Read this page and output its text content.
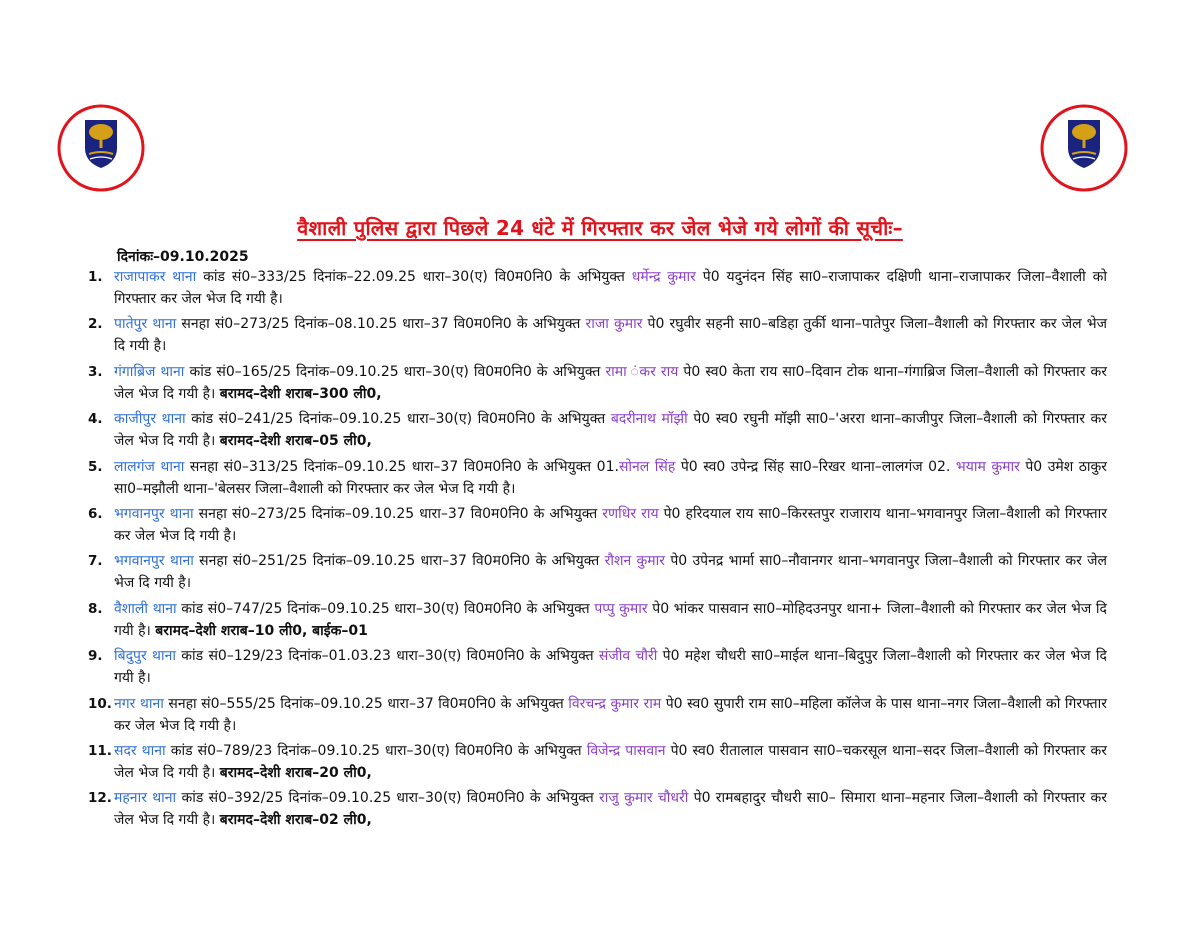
वैशाली पुलिस द्वारा पिछले 24 धंटे में गिरफ्तार कर जेल भेजे गये लोगों की सूचीः–
दिनांकः–09.10.2025
1. राजापाकर थाना कांड सं0–333/25 दिनांक–22.09.25 धारा–30(ए) वि0म0नि0 के अभियुक्त धर्मेन्द्र कुमार पे0 यदुनंदन सिंह सा0–राजापाकर दक्षिणी थाना–राजापाकर जिला–वैशाली को गिरफ्तार कर जेल भेज दि गयी है।
2. पातेपुर थाना सनहा सं0–273/25 दिनांक–08.10.25 धारा–37 वि0म0नि0 के अभियुक्त राजा कुमार पे0 रघुवीर सहनी सा0–बडिहा तुर्की थाना–पातेपुर जिला–वैशाली को गिरफ्तार कर जेल भेज दि गयी है।
3. गंगाब्रिज थाना कांड सं0–165/25 दिनांक–09.10.25 धारा–30(ए) वि0म0नि0 के अभियुक्त रामा ंकर राय पे0 स्व0 केता राय सा0–दिवान टोक थाना–गंगाब्रिज जिला–वैशाली को गिरफ्तार कर जेल भेज दि गयी है। बरामद–देशी शराब–300 ली0,
4. काजीपुर थाना कांड सं0–241/25 दिनांक–09.10.25 धारा–30(ए) वि0म0नि0 के अभियुक्त बदरीनाथ मॉझी पे0 स्व0 रघुनी मॉझी सा0–'अररा थाना–काजीपुर जिला–वैशाली को गिरफ्तार कर जेल भेज दि गयी है। बरामद–देशी शराब–05 ली0,
5. लालगंज थाना सनहा सं0–313/25 दिनांक–09.10.25 धारा–37 वि0म0नि0 के अभियुक्त 01.सोनल सिंह पे0 स्व0 उपेन्द्र सिंह सा0–रिखर थाना–लालगंज 02. भयाम कुमार पे0 उमेश ठाकुर सा0–मझौली थाना–'बेलसर जिला–वैशाली को गिरफ्तार कर जेल भेज दि गयी है।
6. भगवानपुर थाना सनहा सं0–273/25 दिनांक–09.10.25 धारा–37 वि0म0नि0 के अभियुक्त रणधिर राय पे0 हरिदयाल राय सा0–किरस्तपुर राजाराय थाना–भगवानपुर जिला–वैशाली को गिरफ्तार कर जेल भेज दि गयी है।
7. भगवानपुर थाना सनहा सं0–251/25 दिनांक–09.10.25 धारा–37 वि0म0नि0 के अभियुक्त रौशन कुमार पे0 उपेनद्र भार्मा सा0–नौवानगर थाना–भगवानपुर जिला–वैशाली को गिरफ्तार कर जेल भेज दि गयी है।
8. वैशाली थाना कांड सं0–747/25 दिनांक–09.10.25 धारा–30(ए) वि0म0नि0 के अभियुक्त पप्पु कुमार पे0 भांकर पासवान सा0–मोहिदउनपुर थाना+ जिला–वैशाली को गिरफ्तार कर जेल भेज दि गयी है। बरामद–देशी शराब–10 ली0, बाईक–01
9. बिदुपुर थाना कांड सं0–129/23 दिनांक–01.03.23 धारा–30(ए) वि0म0नि0 के अभियुक्त संजीव चौरी पे0 महेश चौधरी सा0–माईल थाना–बिदुपुर जिला–वैशाली को गिरफ्तार कर जेल भेज दि गयी है।
10. नगर थाना सनहा सं0–555/25 दिनांक–09.10.25 धारा–37 वि0म0नि0 के अभियुक्त विरचन्द्र कुमार राम पे0 स्व0 सुपारी राम सा0–महिला कॉलेज के पास थाना–नगर जिला–वैशाली को गिरफ्तार कर जेल भेज दि गयी है।
11. सदर थाना कांड सं0–789/23 दिनांक–09.10.25 धारा–30(ए) वि0म0नि0 के अभियुक्त विजेन्द्र पासवान पे0 स्व0 रीतालाल पासवान सा0–चकरसूल थाना–सदर जिला–वैशाली को गिरफ्तार कर जेल भेज दि गयी है। बरामद–देशी शराब–20 ली0,
12. महनार थाना कांड सं0–392/25 दिनांक–09.10.25 धारा–30(ए) वि0म0नि0 के अभियुक्त राजु कुमार चौधरी पे0 रामबहादुर चौधरी सा0– सिमारा थाना–महनार जिला–वैशाली को गिरफ्तार कर जेल भेज दि गयी है। बरामद–देशी शराब–02 ली0,
